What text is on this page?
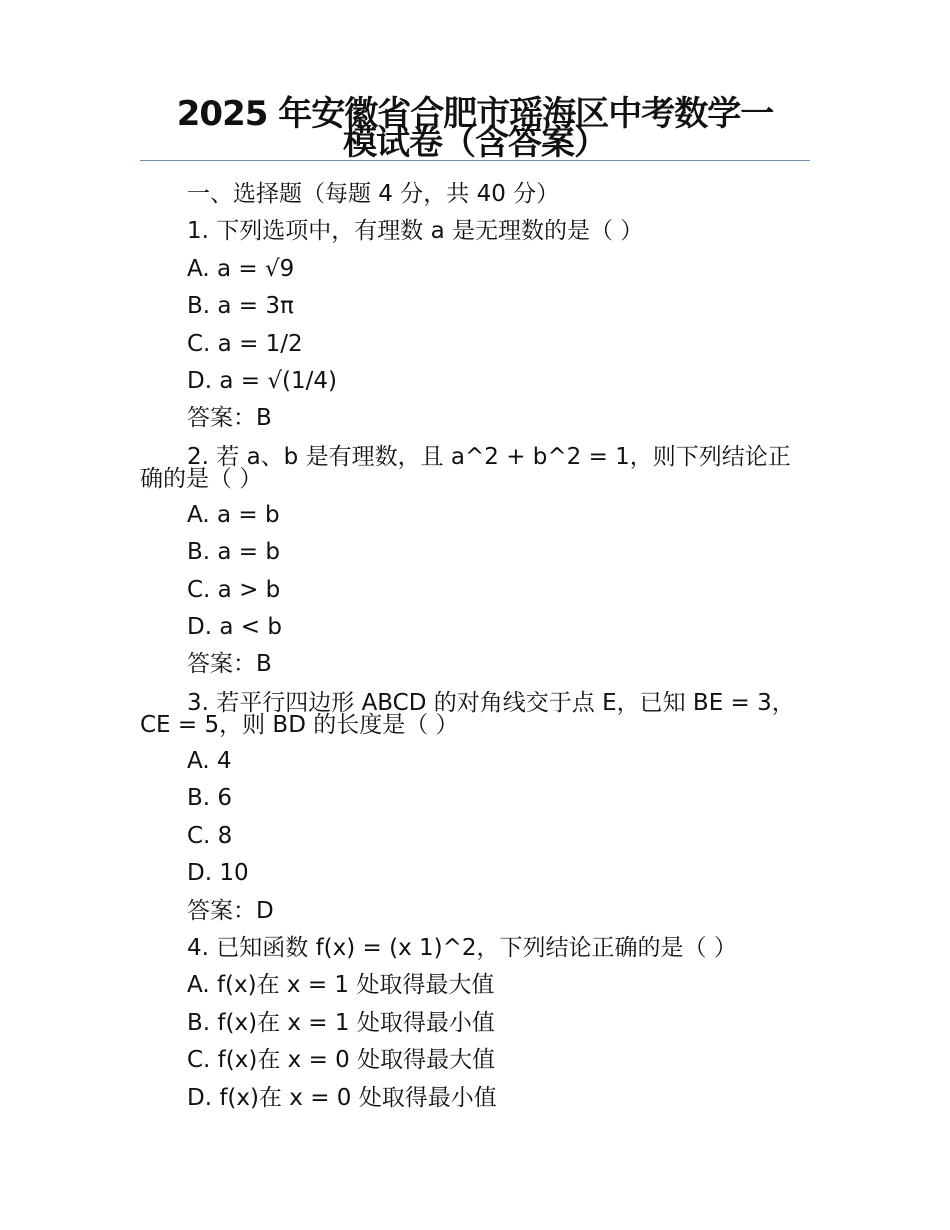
2025 年安徽省合肥市瑶海区中考数学一
模试卷（含答案）

一、选择题（每题 4 分，共 40 分）

1. 下列选项中，有理数 a 是无理数的是（ ）

A. a = √9

B. a = 3π

C. a = 1/2

D. a = √(1/4)

答案：B

2. 若 a、b 是有理数，且 a^2 + b^2 = 1，则下列结论正确的是（ ）

A. a = b

B. a = b

C. a > b

D. a < b

答案：B

3. 若平行四边形 ABCD 的对角线交于点 E，已知 BE = 3，CE = 5，则 BD 的长度是（ ）

A. 4

B. 6

C. 8

D. 10

答案：D

4. 已知函数 f(x) = (x 1)^2，下列结论正确的是（ ）

A. f(x)在 x = 1 处取得最大值

B. f(x)在 x = 1 处取得最小值

C. f(x)在 x = 0 处取得最大值

D. f(x)在 x = 0 处取得最小值
